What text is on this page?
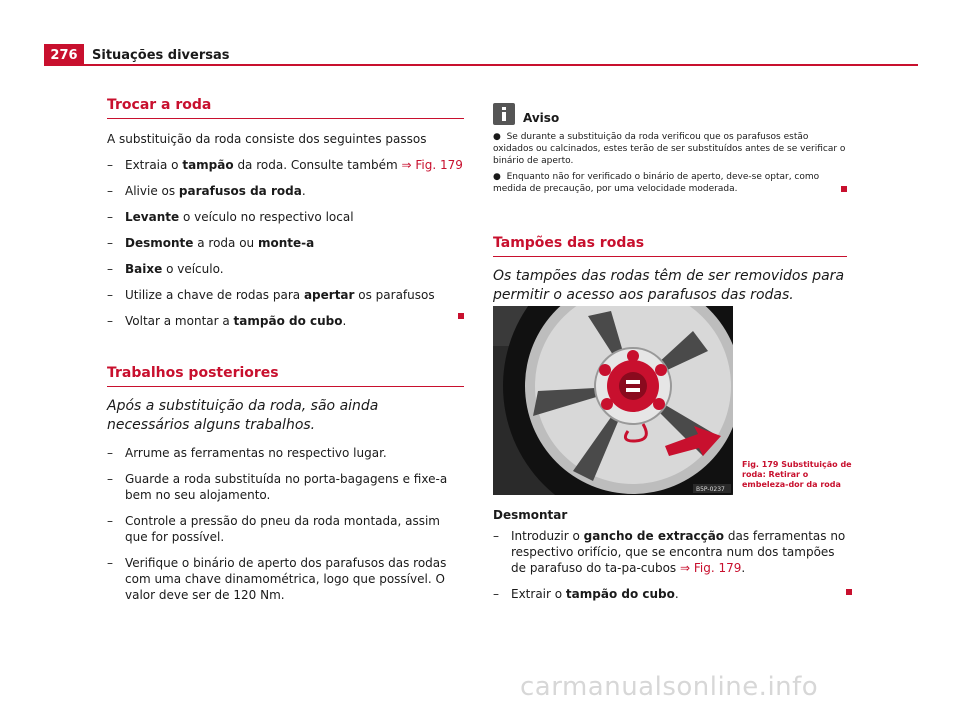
276	Situações diversas
Trocar a roda

A substituição da roda consiste dos seguintes passos

– Extraia o tampão da roda. Consulte também ⇒ Fig. 179
– Alivie os parafusos da roda.
– Levante o veículo no respectivo local
– Desmonte a roda ou monte-a
– Baixe o veículo.
– Utilize a chave de rodas para apertar os parafusos
– Voltar a montar a tampão do cubo.
Trabalhos posteriores

Após a substituição da roda, são ainda necessários alguns trabalhos.

– Arrume as ferramentas no respectivo lugar.
– Guarde a roda substituída no porta-bagagens e fixe-a bem no seu alojamento.
– Controle a pressão do pneu da roda montada, assim que for possível.
– Verifique o binário de aperto dos parafusos das rodas com uma chave dinamométrica, logo que possível. O valor deve ser de 120 Nm.
Aviso

●  Se durante a substituição da roda verificou que os parafusos estão oxidados ou calcinados, estes terão de ser substituídos antes de se verificar o binário de aperto.

●  Enquanto não for verificado o binário de aperto, deve-se optar, como medida de precaução, por uma velocidade moderada.

Tampões das rodas

Os tampões das rodas têm de ser removidos para permitir o acesso aos parafusos das rodas.

B5P-0237
Fig. 179 Substituição de roda: Retirar o embeleza-dor da roda
Desmontar
– Introduzir o gancho de extracção das ferramentas no respectivo orifício, que se encontra num dos tampões de parafuso do ta-pa-cubos ⇒ Fig. 179.
– Extrair o tampão do cubo.
carmanualsonline.info
